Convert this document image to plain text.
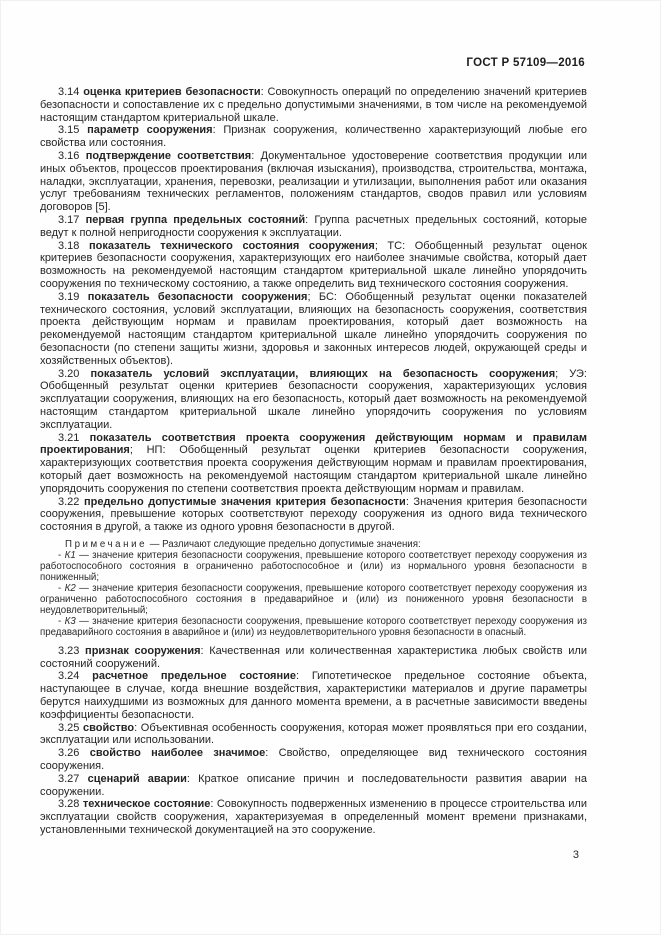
ГОСТ Р 57109—2016

3.14 оценка критериев безопасности: Совокупность операций по определению значений критериев безопасности и сопоставление их с предельно допустимыми значениями, в том числе на рекомендуемой настоящим стандартом критериальной шкале.

3.15 параметр сооружения: Признак сооружения, количественно характеризующий любые его свойства или состояния.

3.16 подтверждение соответствия: Документальное удостоверение соответствия продукции или иных объектов, процессов проектирования (включая изыскания), производства, строительства, монтажа, наладки, эксплуатации, хранения, перевозки, реализации и утилизации, выполнения работ или оказания услуг требованиям технических регламентов, положениям стандартов, сводов правил или условиям договоров [5].

3.17 первая группа предельных состояний: Группа расчетных предельных состояний, которые ведут к полной непригодности сооружения к эксплуатации.

3.18 показатель технического состояния сооружения; ТС: Обобщенный результат оценок критериев безопасности сооружения, характеризующих его наиболее значимые свойства, который дает возможность на рекомендуемой настоящим стандартом критериальной шкале линейно упорядочить сооружения по техническому состоянию, а также определить вид технического состояния сооружения.

3.19 показатель безопасности сооружения; БС: Обобщенный результат оценки показателей технического состояния, условий эксплуатации, влияющих на безопасность сооружения, соответствия проекта действующим нормам и правилам проектирования, который дает возможность на рекомендуемой настоящим стандартом критериальной шкале линейно упорядочить сооружения по безопасности (по степени защиты жизни, здоровья и законных интересов людей, окружающей среды и хозяйственных объектов).

3.20 показатель условий эксплуатации, влияющих на безопасность сооружения; УЭ: Обобщенный результат оценки критериев безопасности сооружения, характеризующих условия эксплуатации сооружения, влияющих на его безопасность, который дает возможность на рекомендуемой настоящим стандартом критериальной шкале линейно упорядочить сооружения по условиям эксплуатации.

3.21 показатель соответствия проекта сооружения действующим нормам и правилам проектирования; НП: Обобщенный результат оценки критериев безопасности сооружения, характеризующих соответствия проекта сооружения действующим нормам и правилам проектирования, который дает возможность на рекомендуемой настоящим стандартом критериальной шкале линейно упорядочить сооружения по степени соответствия проекта действующим нормам и правилам.

3.22 предельно допустимые значения критерия безопасности: Значения критерия безопасности сооружения, превышение которых соответствуют переходу сооружения из одного вида технического состояния в другой, а также из одного уровня безопасности в другой.

Примечание — Различают следующие предельно допустимые значения:

- К1 — значение критерия безопасности сооружения, превышение которого соответствует переходу сооружения из работоспособного состояния в ограниченно работоспособное и (или) из нормального уровня безопасности в пониженный;

- К2 — значение критерия безопасности сооружения, превышение которого соответствует переходу сооружения из ограниченно работоспособного состояния в предаварийное и (или) из пониженного уровня безопасности в неудовлетворительный;

- К3 — значение критерия безопасности сооружения, превышение которого соответствует переходу сооружения из предаварийного состояния в аварийное и (или) из неудовлетворительного уровня безопасности в опасный.

3.23 признак сооружения: Качественная или количественная характеристика любых свойств или состояний сооружений.

3.24 расчетное предельное состояние: Гипотетическое предельное состояние объекта, наступающее в случае, когда внешние воздействия, характеристики материалов и другие параметры берутся наихудшими из возможных для данного момента времени, а в расчетные зависимости введены коэффициенты безопасности.

3.25 свойство: Объективная особенность сооружения, которая может проявляться при его создании, эксплуатации или использовании.

3.26 свойство наиболее значимое: Свойство, определяющее вид технического состояния сооружения.

3.27 сценарий аварии: Краткое описание причин и последовательности развития аварии на сооружении.

3.28 техническое состояние: Совокупность подверженных изменению в процессе строительства или эксплуатации свойств сооружения, характеризуемая в определенный момент времени признаками, установленными технической документацией на это сооружение.

3
